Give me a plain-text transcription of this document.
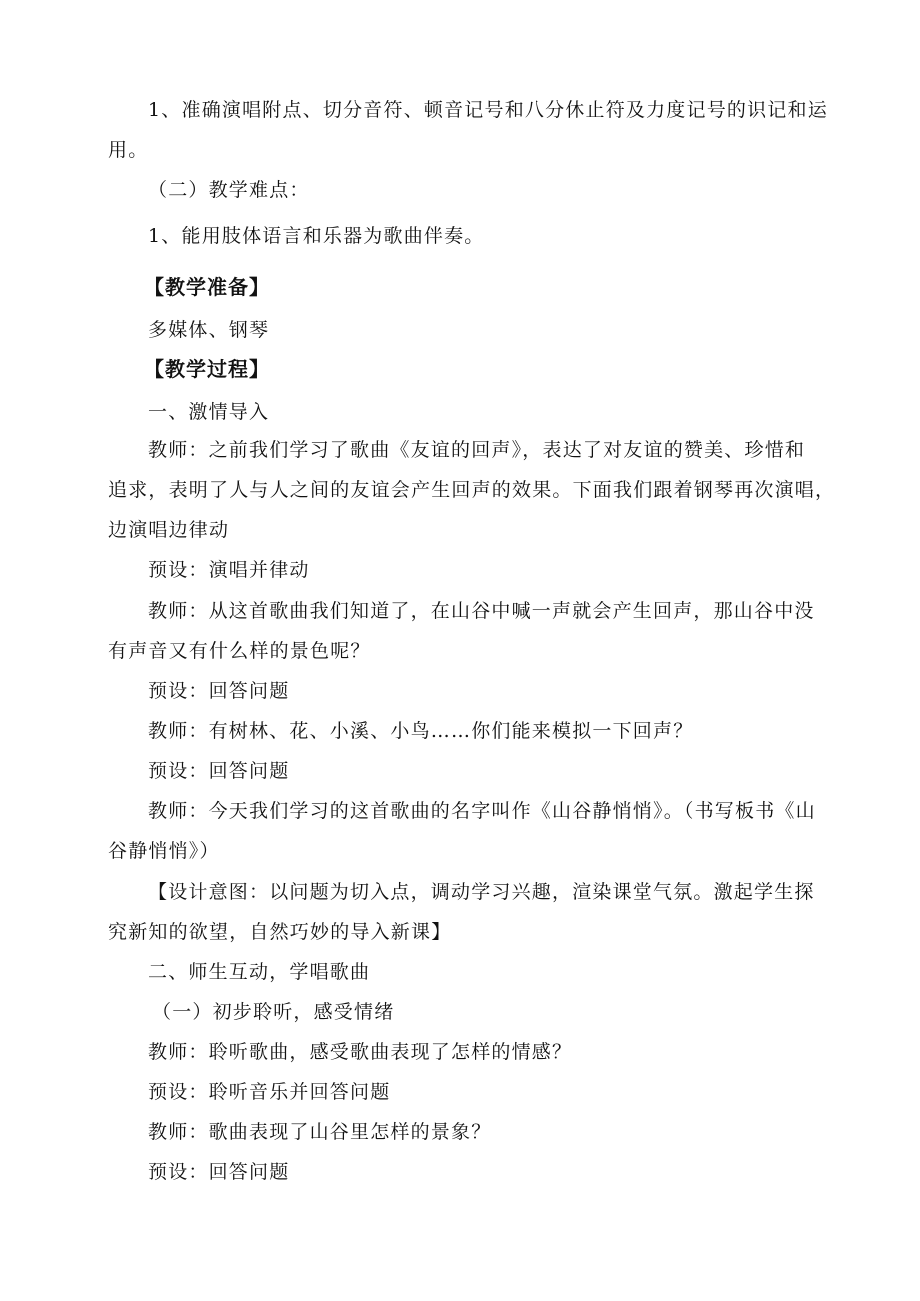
1、准确演唱附点、切分音符、顿音记号和八分休止符及力度记号的识记和运
用。
（二）教学难点：
1、能用肢体语言和乐器为歌曲伴奏。
【教学准备】
多媒体、钢琴
【教学过程】
一、激情导入
教师：之前我们学习了歌曲《友谊的回声》，表达了对友谊的赞美、珍惜和
追求，表明了人与人之间的友谊会产生回声的效果。下面我们跟着钢琴再次演唱，
边演唱边律动
预设：演唱并律动
教师：从这首歌曲我们知道了，在山谷中喊一声就会产生回声，那山谷中没
有声音又有什么样的景色呢？
预设：回答问题
教师：有树林、花、小溪、小鸟……你们能来模拟一下回声？
预设：回答问题
教师：今天我们学习的这首歌曲的名字叫作《山谷静悄悄》。（书写板书《山
谷静悄悄》）
【设计意图：以问题为切入点，调动学习兴趣，渲染课堂气氛。激起学生探
究新知的欲望，自然巧妙的导入新课】
二、师生互动，学唱歌曲
（一）初步聆听，感受情绪
教师：聆听歌曲，感受歌曲表现了怎样的情感？
预设：聆听音乐并回答问题
教师：歌曲表现了山谷里怎样的景象？
预设：回答问题
